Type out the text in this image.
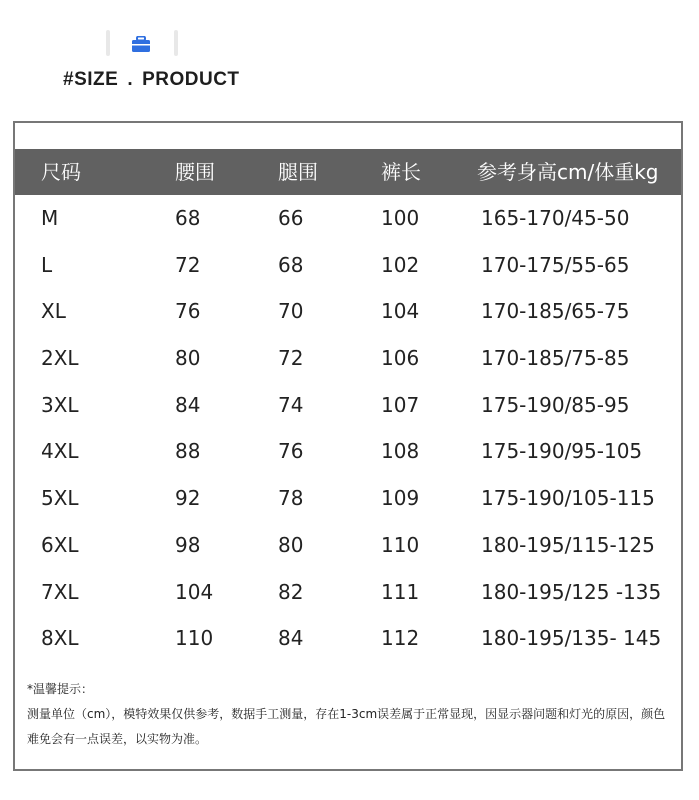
#SIZE . PRODUCT
尺码	腰围	腿围	裤长	参考身高cm/体重kg
M	68	66	100	165-170/45-50
L	72	68	102	170-175/55-65
XL	76	70	104	170-185/65-75
2XL	80	72	106	170-185/75-85
3XL	84	74	107	175-190/85-95
4XL	88	76	108	175-190/95-105
5XL	92	78	109	175-190/105-115
6XL	98	80	110	180-195/115-125
7XL	104	82	111	180-195/125 -135
8XL	110	84	112	180-195/135- 145
*温馨提示：
测量单位（cm），模特效果仅供参考，数据手工测量，存在1-3cm误差属于正常显现，因显示器问题和灯光的原因，颜色难免会有一点误差，以实物为准。
